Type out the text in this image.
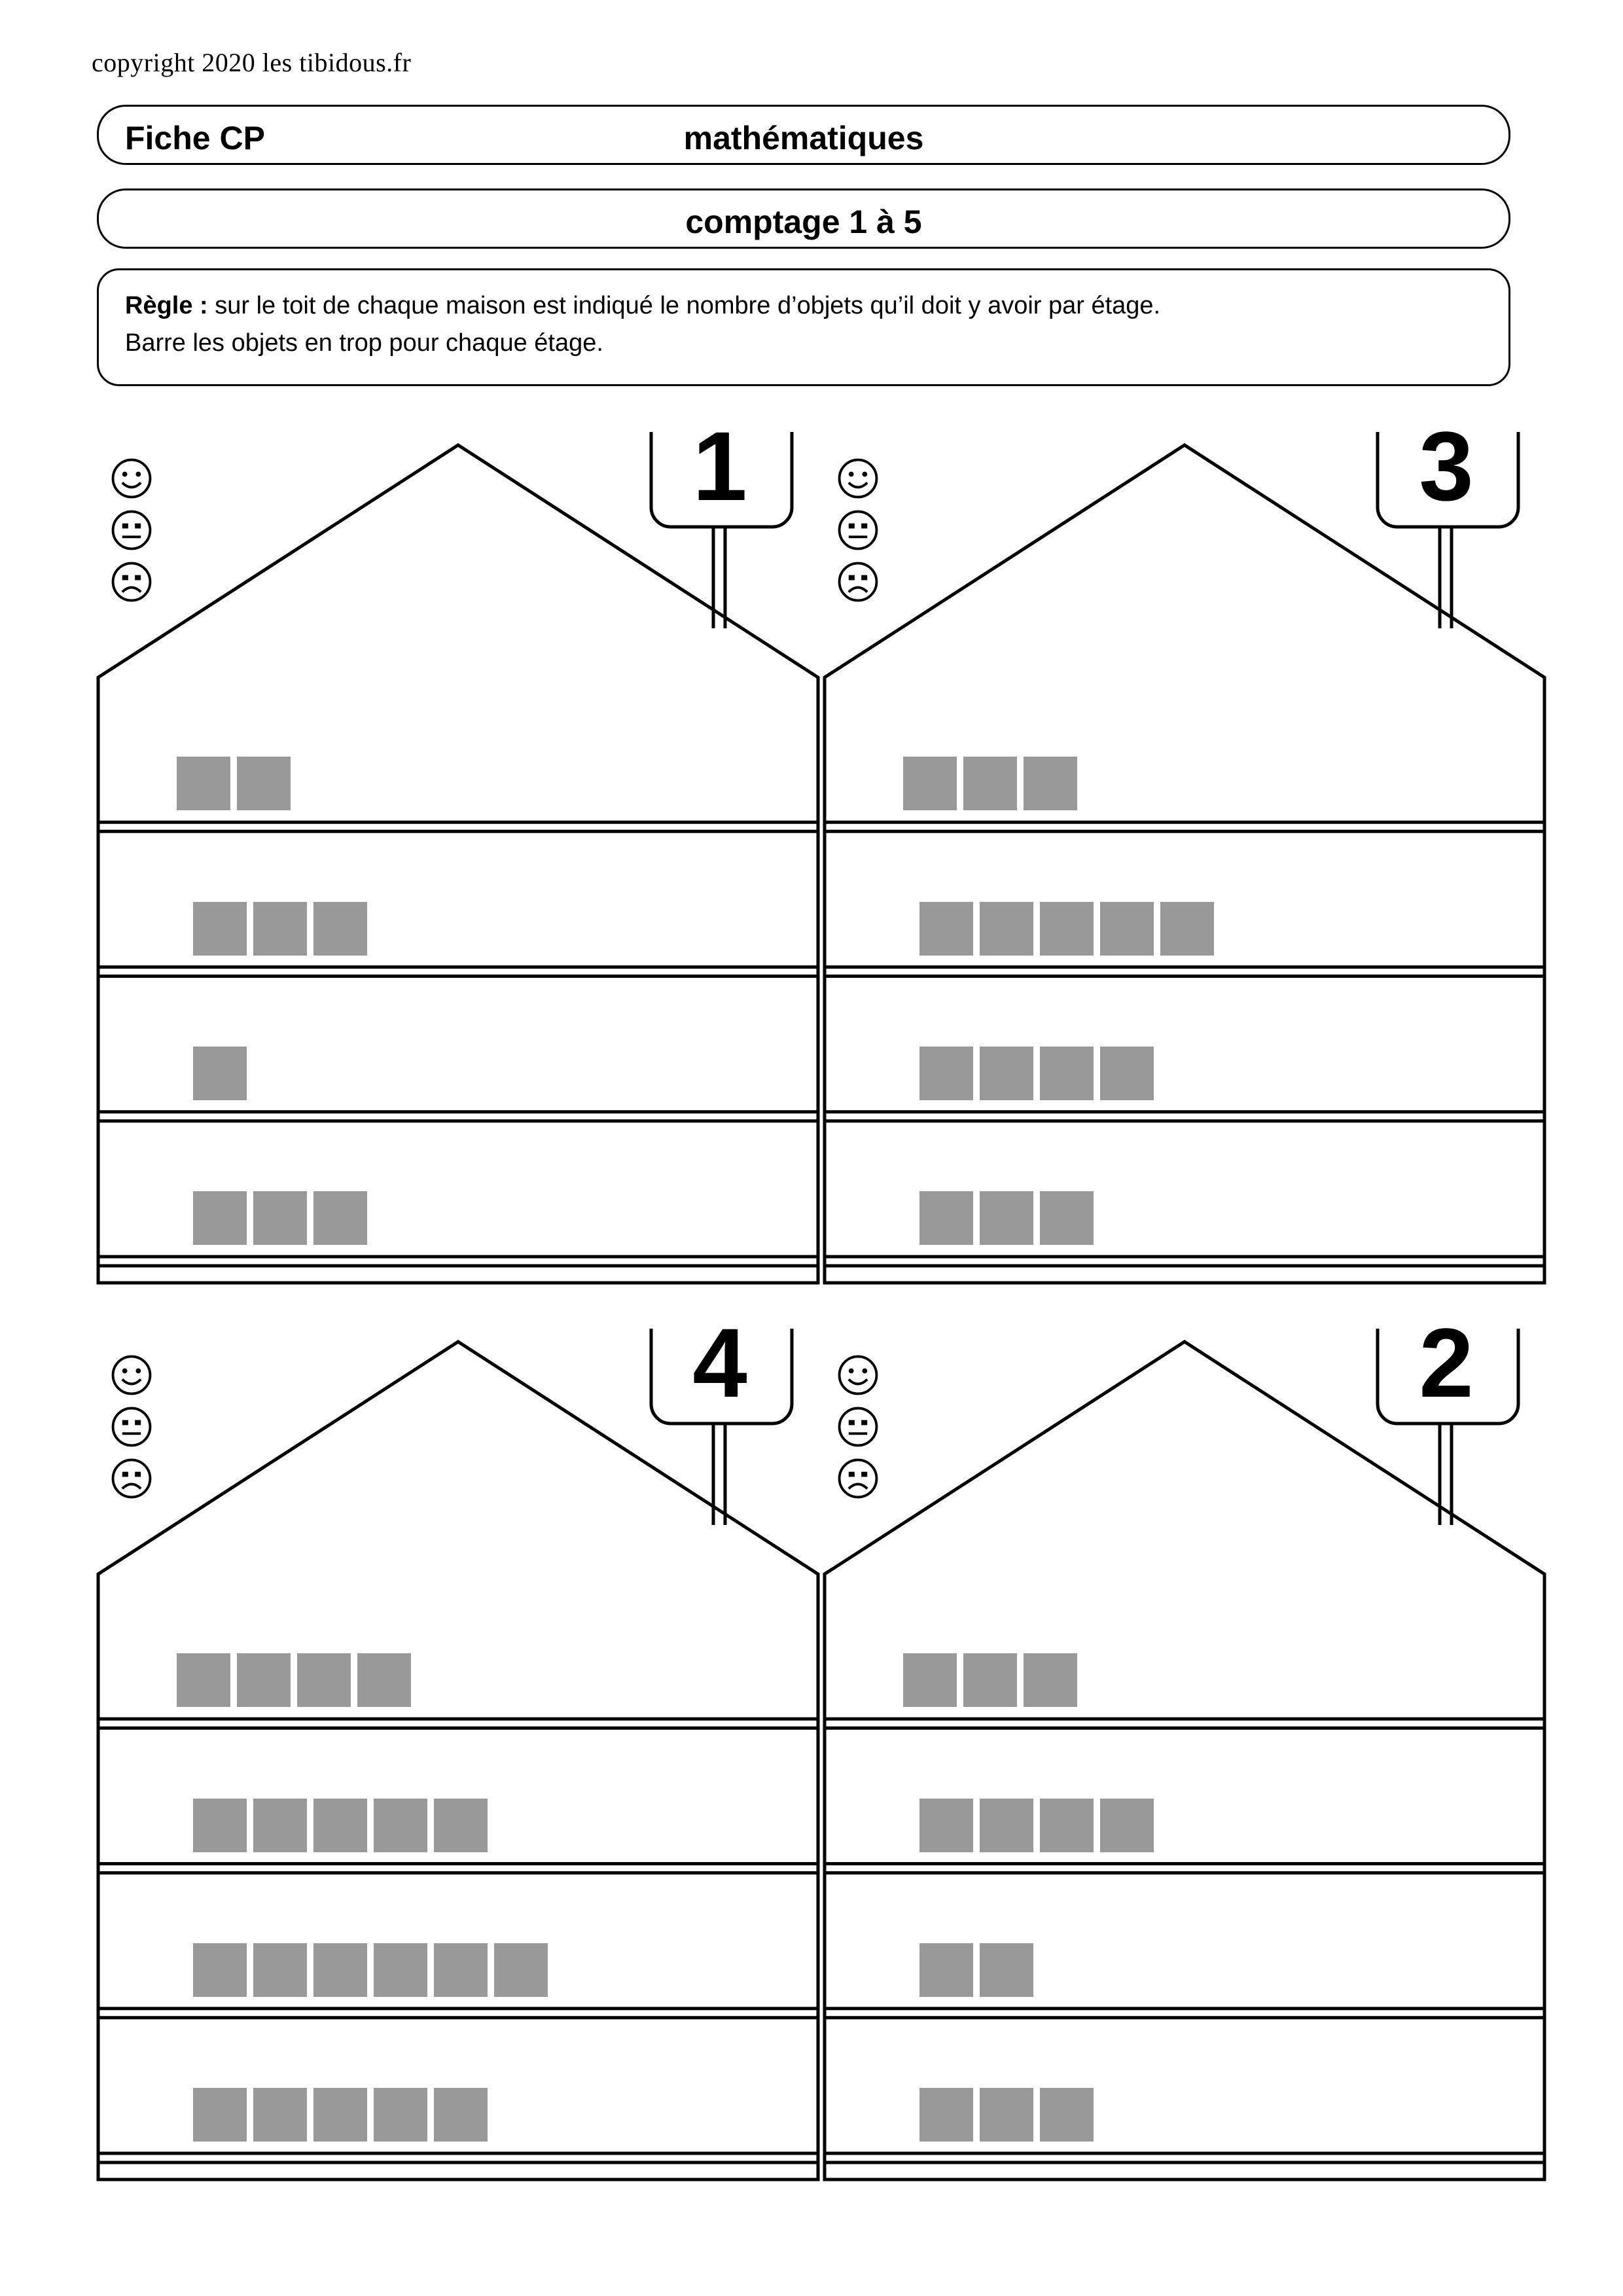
copyright 2020 les tibidous.fr
Fiche CP	mathématiques
comptage 1 à 5
Règle : sur le toit de chaque maison est indiqué le nombre d’objets qu’il doit y avoir par étage.
Barre les objets en trop pour chaque étage.
1	3
4	2
